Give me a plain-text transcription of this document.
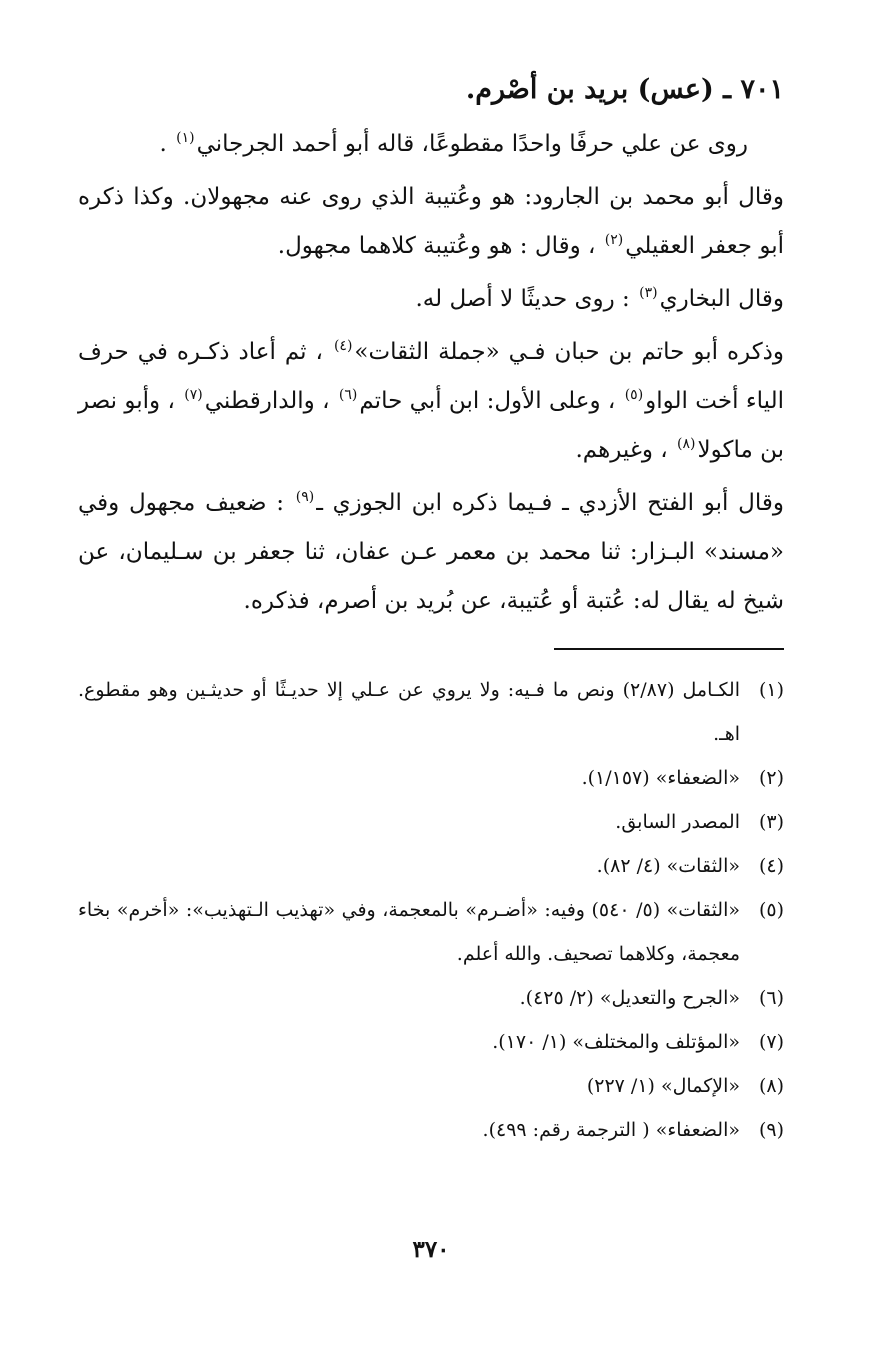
٧٠١ ـ (عس) بريد بن أصْرم.

روى عن علي حرفًا واحدًا مقطوعًا، قاله أبو أحمد الجرجاني$^{(١)}$ .

وقال أبو محمد بن الجارود: هو وعُتيبة الذي روى عنه مجهولان. وكذا ذكره أبو جعفر العقيلي$^{(٢)}$ ، وقال : هو وعُتيبة كلاهما مجهول.

وقال البخاري$^{(٣)}$ : روى حديثًا لا أصل له.

وذكره أبو حاتم بن حبان فـي «جملة الثقات»$^{(٤)}$ ، ثم أعاد ذكـره في حرف الياء أخت الواو$^{(٥)}$ ، وعلى الأول: ابن أبي حاتم$^{(٦)}$ ، والدارقطني$^{(٧)}$ ، وأبو نصر بن ماكولا$^{(٨)}$ ، وغيرهم.

وقال أبو الفتح الأزدي ـ فـيما ذكره ابن الجوزي ـ$^{(٩)}$ : ضعيف مجهول وفي «مسند» البـزار: ثنا محمد بن معمر عـن عفان، ثنا جعفر بن سـليمان، عن شيخ له يقال له: عُتبة أو عُتيبة، عن بُريد بن أصرم، فذكره.

(١)
الكـامل (٢/٨٧) ونص ما فـيه: ولا يروي عن عـلي إلا حديـثًا أو حديثـين وهو مقطوع. اهـ.
(٢)
«الضعفاء» (١/١٥٧).
(٣)
المصدر السابق.
(٤)
«الثقات» (٤/ ٨٢).
(٥)
«الثقات» (٥/ ٥٤٠) وفيه: «أضـرم» بالمعجمة، وفي «تهذيب الـتهذيب»: «أخرم» بخاء معجمة، وكلاهما تصحيف. والله أعلم.
(٦)
«الجرح والتعديل» (٢/ ٤٢٥).
(٧)
«المؤتلف والمختلف» (١/ ١٧٠).
(٨)
«الإكمال» (١/ ٢٢٧)
(٩)
«الضعفاء» ( الترجمة رقم: ٤٩٩).
٣٧٠
